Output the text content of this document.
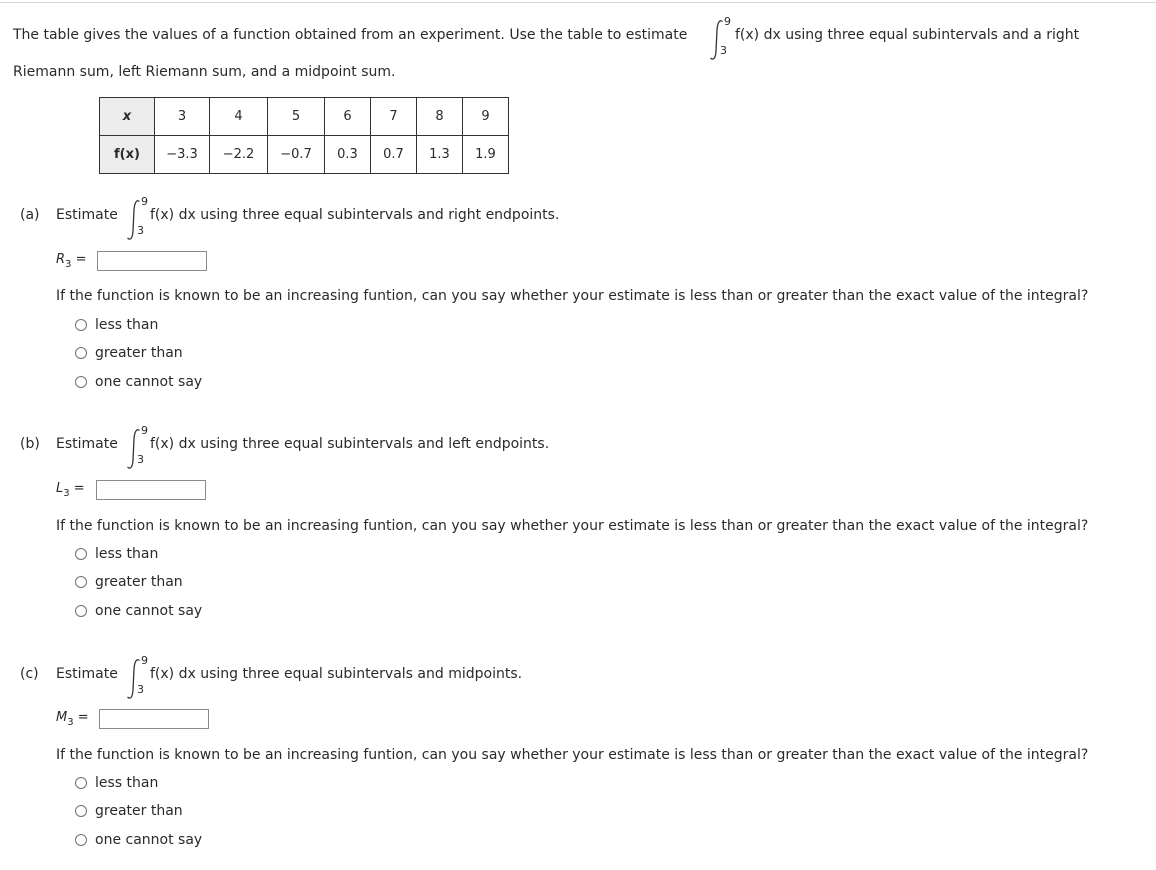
The table gives the values of a function obtained from an experiment. Use the table to estimate
9
3
f(x) dx using three equal subintervals and a right
Riemann sum, left Riemann sum, and a midpoint sum.
x	3	4	5	6	7	8	9
f(x)	−3.3	−2.2	−0.7	0.3	0.7	1.3	1.9
(a) Estimate
9
3
f(x) dx using three equal subintervals and right endpoints.
$R_3$ =
If the function is known to be an increasing funtion, can you say whether your estimate is less than or greater than the exact value of the integral?
less than
greater than
one cannot say
(b) Estimate
9
3
f(x) dx using three equal subintervals and left endpoints.
$L_3$ =
If the function is known to be an increasing funtion, can you say whether your estimate is less than or greater than the exact value of the integral?
less than
greater than
one cannot say
(c) Estimate
9
3
f(x) dx using three equal subintervals and midpoints.
$M_3$ =
If the function is known to be an increasing funtion, can you say whether your estimate is less than or greater than the exact value of the integral?
less than
greater than
one cannot say
